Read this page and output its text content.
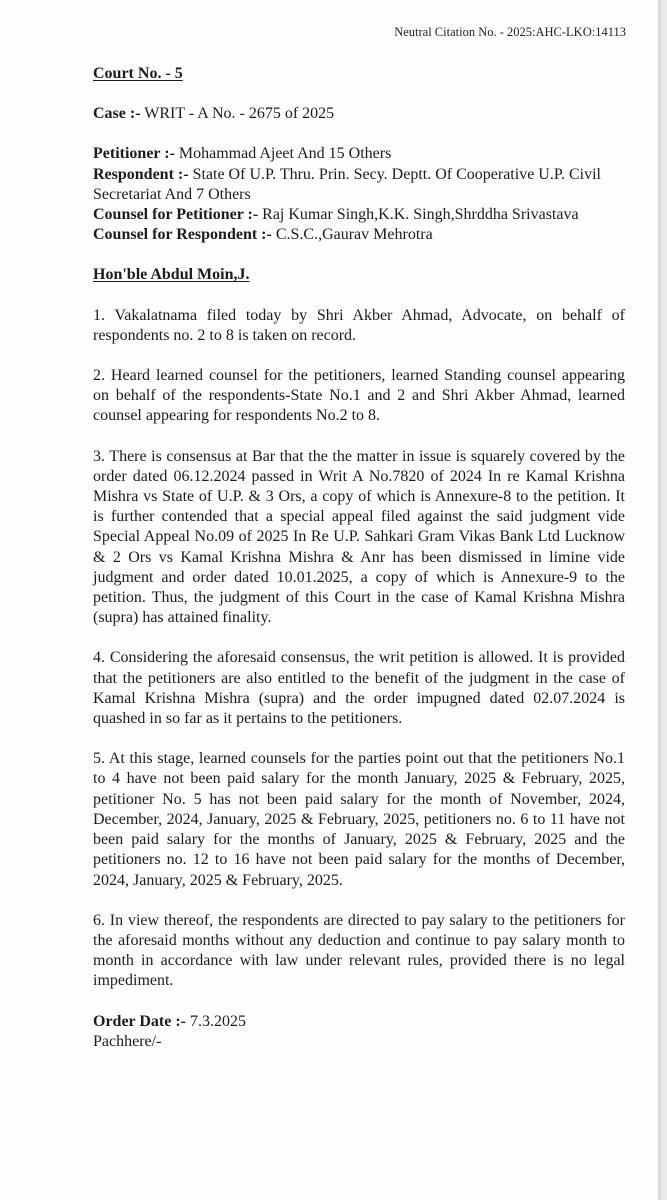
Neutral Citation No. - 2025:AHC-LKO:14113

Court No. - 5

Case :- WRIT - A No. - 2675 of 2025

Petitioner :- Mohammad Ajeet And 15 Others

Respondent :- State Of U.P. Thru. Prin. Secy. Deptt. Of Cooperative U.P. Civil Secretariat And 7 Others

Counsel for Petitioner :- Raj Kumar Singh,K.K. Singh,Shrddha Srivastava

Counsel for Respondent :- C.S.C.,Gaurav Mehrotra

Hon'ble Abdul Moin,J.

1. Vakalatnama filed today by Shri Akber Ahmad, Advocate, on behalf of respondents no. 2 to 8 is taken on record.

2. Heard learned counsel for the petitioners, learned Standing counsel appearing on behalf of the respondents-State No.1 and 2 and Shri Akber Ahmad, learned counsel appearing for respondents No.2 to 8.

3. There is consensus at Bar that the the matter in issue is squarely covered by the order dated 06.12.2024 passed in Writ A No.7820 of 2024 In re Kamal Krishna Mishra vs State of U.P. & 3 Ors, a copy of which is Annexure-8 to the petition. It is further contended that a special appeal filed against the said judgment vide Special Appeal No.09 of 2025 In Re U.P. Sahkari Gram Vikas Bank Ltd Lucknow & 2 Ors vs Kamal Krishna Mishra & Anr has been dismissed in limine vide judgment and order dated 10.01.2025, a copy of which is Annexure-9 to the petition. Thus, the judgment of this Court in the case of Kamal Krishna Mishra (supra) has attained finality.

4. Considering the aforesaid consensus, the writ petition is allowed. It is provided that the petitioners are also entitled to the benefit of the judgment in the case of Kamal Krishna Mishra (supra) and the order impugned dated 02.07.2024 is quashed in so far as it pertains to the petitioners.

5. At this stage, learned counsels for the parties point out that the petitioners No.1 to 4 have not been paid salary for the month January, 2025 & February, 2025, petitioner No. 5 has not been paid salary for the month of November, 2024, December, 2024, January, 2025 & February, 2025, petitioners no. 6 to 11 have not been paid salary for the months of January, 2025 & February, 2025 and the petitioners no. 12 to 16 have not been paid salary for the months of December, 2024, January, 2025 & February, 2025.

6. In view thereof, the respondents are directed to pay salary to the petitioners for the aforesaid months without any deduction and continue to pay salary month to month in accordance with law under relevant rules, provided there is no legal impediment.

Order Date :- 7.3.2025

Pachhere/-
